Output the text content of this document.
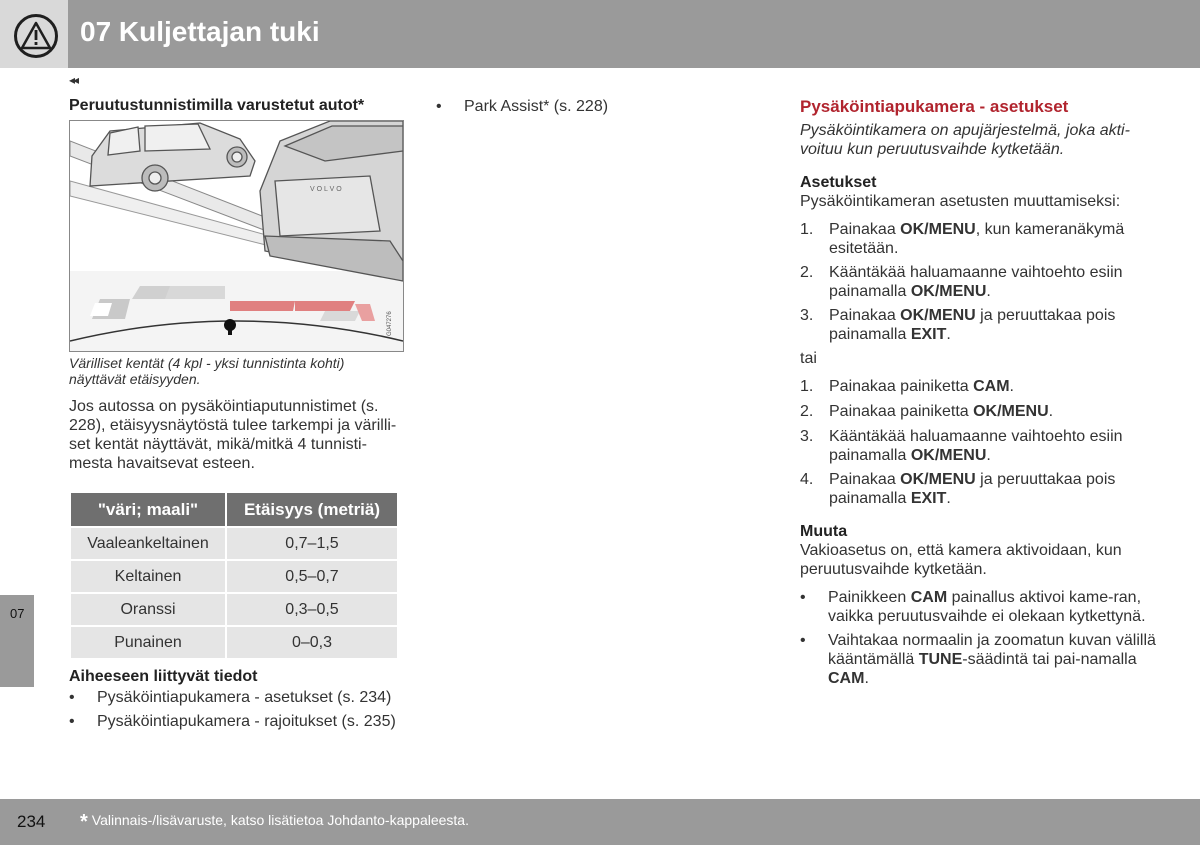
07 Kuljettajan tuki
◂◂
Peruutustunnistimilla varustetut autot*
V O L V O
G047276
Värilliset kentät (4 kpl - yksi tunnistinta kohti) näyttävät etäisyyden.
Jos autossa on pysäköintiaputunnistimet (s. 228), etäisyysnäytöstä tulee tarkempi ja värilli-set kentät näyttävät, mikä/mitkä 4 tunnisti-mesta havaitsevat esteen.
"väri; maali"	Etäisyys (metriä)
Vaaleankeltainen	0,7–1,5
Keltainen	0,5–0,7
Oranssi	0,3–0,5
Punainen	0–0,3
Aiheeseen liittyvät tiedot
• Pysäköintiapukamera - asetukset (s. 234)
• Pysäköintiapukamera - rajoitukset (s. 235)
• Park Assist* (s. 228)	Pysäköintiapukamera - asetukset
Pysäköintikamera on apujärjestelmä, joka akti-voituu kun peruutusvaihde kytketään.
Asetukset
Pysäköintikameran asetusten muuttamiseksi:
1. Painakaa OK/MENU, kun kameranäkymä esitetään.
2. Kääntäkää haluamaanne vaihtoehto esiin painamalla OK/MENU.
3. Painakaa OK/MENU ja peruuttakaa pois painamalla EXIT.
tai
1. Painakaa painiketta CAM.
2. Painakaa painiketta OK/MENU.
3. Kääntäkää haluamaanne vaihtoehto esiin painamalla OK/MENU.
4. Painakaa OK/MENU ja peruuttakaa pois painamalla EXIT.
Muuta
Vakioasetus on, että kamera aktivoidaan, kun peruutusvaihde kytketään.
• Painikkeen CAM painallus aktivoi kame-ran, vaikka peruutusvaihde ei olekaan kytkettynä.
• Vaihtakaa normaalin ja zoomatun kuvan välillä kääntämällä TUNE-säädintä tai pai-namalla CAM.
07
234 * Valinnais-/lisävaruste, katso lisätietoa Johdanto-kappaleesta.
